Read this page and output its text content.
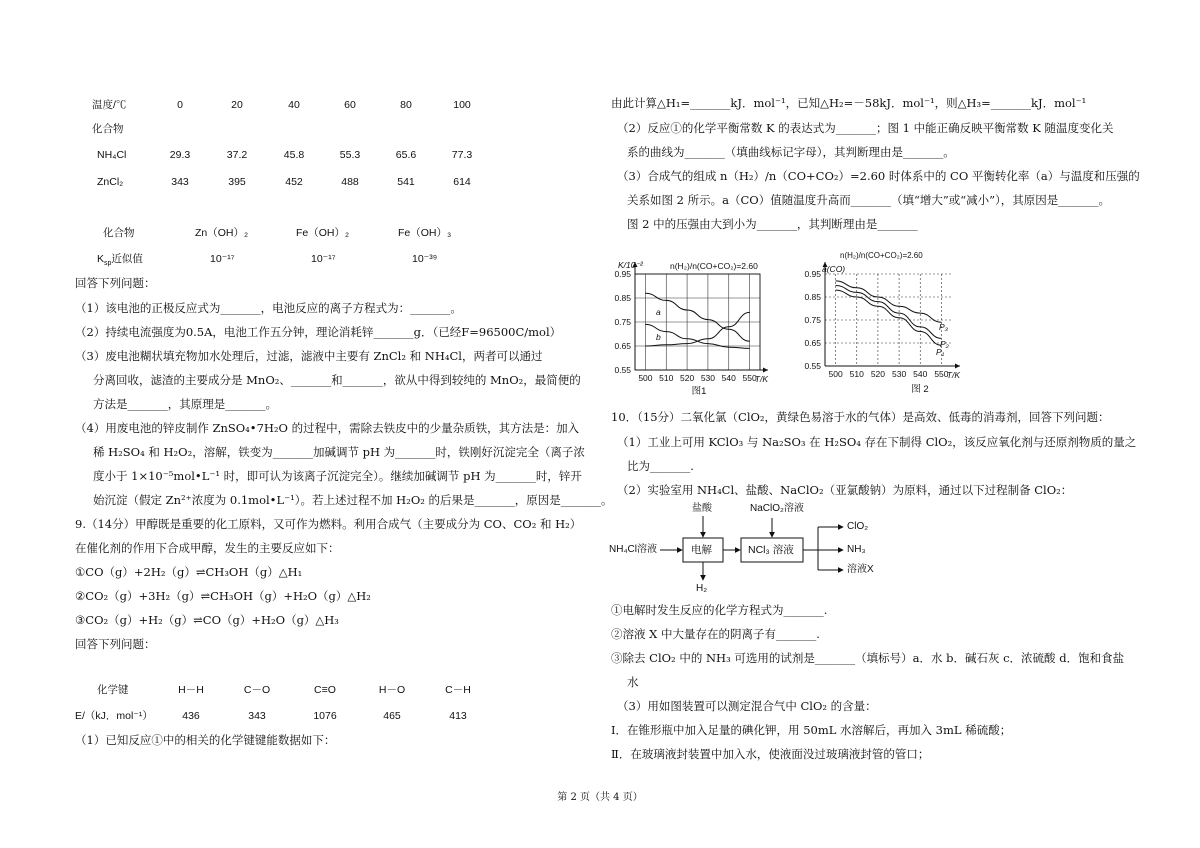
温度/℃	0	20	40	60	80	100
化合物
NH₄Cl	29.3	37.2	45.8	55.3	65.6	77.3
ZnCl₂	343	395	452	488	541	614
化合物	Zn（OH）₂	Fe（OH）₂	Fe（OH）₃
$K_{sp}$近似值	10⁻¹⁷	10⁻¹⁷	10⁻³⁹
回答下列问题：
（1）该电池的正极反应式为_______，电池反应的离子方程式为：_______。
（2）持续电流强度为0.5A，电池工作五分钟，理论消耗锌_______g．（已经F=96500C/mol）
（3）废电池糊状填充物加水处理后，过滤，滤液中主要有 ZnCl₂ 和 NH₄Cl，两者可以通过
分离回收，滤渣的主要成分是 MnO₂、_______和_______，欲从中得到较纯的 MnO₂，最简便的
方法是_______，其原理是_______。
（4）用废电池的锌皮制作 ZnSO₄•7H₂O 的过程中，需除去铁皮中的少量杂质铁，其方法是：加入
稀 H₂SO₄ 和 H₂O₂，溶解，铁变为_______加碱调节 pH 为_______时，铁刚好沉淀完全（离子浓
度小于 1×10⁻⁵mol•L⁻¹ 时，即可认为该离子沉淀完全）。继续加碱调节 pH 为_______时，锌开
始沉淀（假定 Zn²⁺浓度为 0.1mol•L⁻¹）。若上述过程不加 H₂O₂ 的后果是_______，原因是_______。
9.（14分）甲醇既是重要的化工原料，又可作为燃料。利用合成气（主要成分为 CO、CO₂ 和 H₂）
在催化剂的作用下合成甲醇，发生的主要反应如下：
①CO（g）+2H₂（g）⇌CH₃OH（g）△H₁
②CO₂（g）+3H₂（g）⇌CH₃OH（g）+H₂O（g）△H₂
③CO₂（g）+H₂（g）⇌CO（g）+H₂O（g）△H₃
回答下列问题：
化学键	H－H	C－O	C≡O	H－O	C－H
E/（kJ．mol⁻¹）	436	343	1076	465	413
（1）已知反应①中的相关的化学键键能数据如下：
由此计算△H₁=_______kJ．mol⁻¹，已知△H₂=－58kJ．mol⁻¹，则△H₃=_______kJ．mol⁻¹
（2）反应①的化学平衡常数 K 的表达式为_______；图 1 中能正确反映平衡常数 K 随温度变化关
系的曲线为_______（填曲线标记字母），其判断理由是_______。
（3）合成气的组成 n（H₂）/n（CO+CO₂）=2.60 时体系中的 CO 平衡转化率（a）与温度和压强的
关系如图 2 所示。a（CO）值随温度升高而_______（填“增大”或“减小”），其原因是_______。
图 2 中的压强由大到小为_______，其判断理由是_______
500 510 520 530 540 550
0.55
0.65
0.75
0.85
0.95
T/K
K/10⁻²	n(H₂)/n(CO+CO₂)=2.60
图1
a
b
500 510 520 530 540 550
0.55
0.65
0.75
0.85
0.95
T/K
a(CO)
n(H₂)/n(CO+CO₂)=2.60
图 2
P₃
P₂
P₁
10．（15分）二氧化氯（ClO₂，黄绿色易溶于水的气体）是高效、低毒的消毒剂，回答下列问题：
（1）工业上可用 KClO₃ 与 Na₂SO₃ 在 H₂SO₄ 存在下制得 ClO₂，该反应氧化剂与还原剂物质的量之
比为_______.
（2）实验室用 NH₄Cl、盐酸、NaClO₂（亚氯酸钠）为原料，通过以下过程制备 ClO₂：
盐酸	NaClO₂溶液
NH₄Cl溶液	电解	NCl₃ 溶液
H₂
ClO₂
NH₃
溶液X
①电解时发生反应的化学方程式为_______.
②溶液 X 中大量存在的阴离子有_______.
③除去 ClO₂ 中的 NH₃ 可选用的试剂是_______（填标号）a．水 b．碱石灰 c．浓硫酸 d．饱和食盐
水
（3）用如图装置可以测定混合气中 ClO₂ 的含量：
Ⅰ．在锥形瓶中加入足量的碘化钾，用 50mL 水溶解后，再加入 3mL 稀硫酸；
Ⅱ．在玻璃液封装置中加入水，使液面没过玻璃液封管的管口；
第 2 页（共 4 页）
